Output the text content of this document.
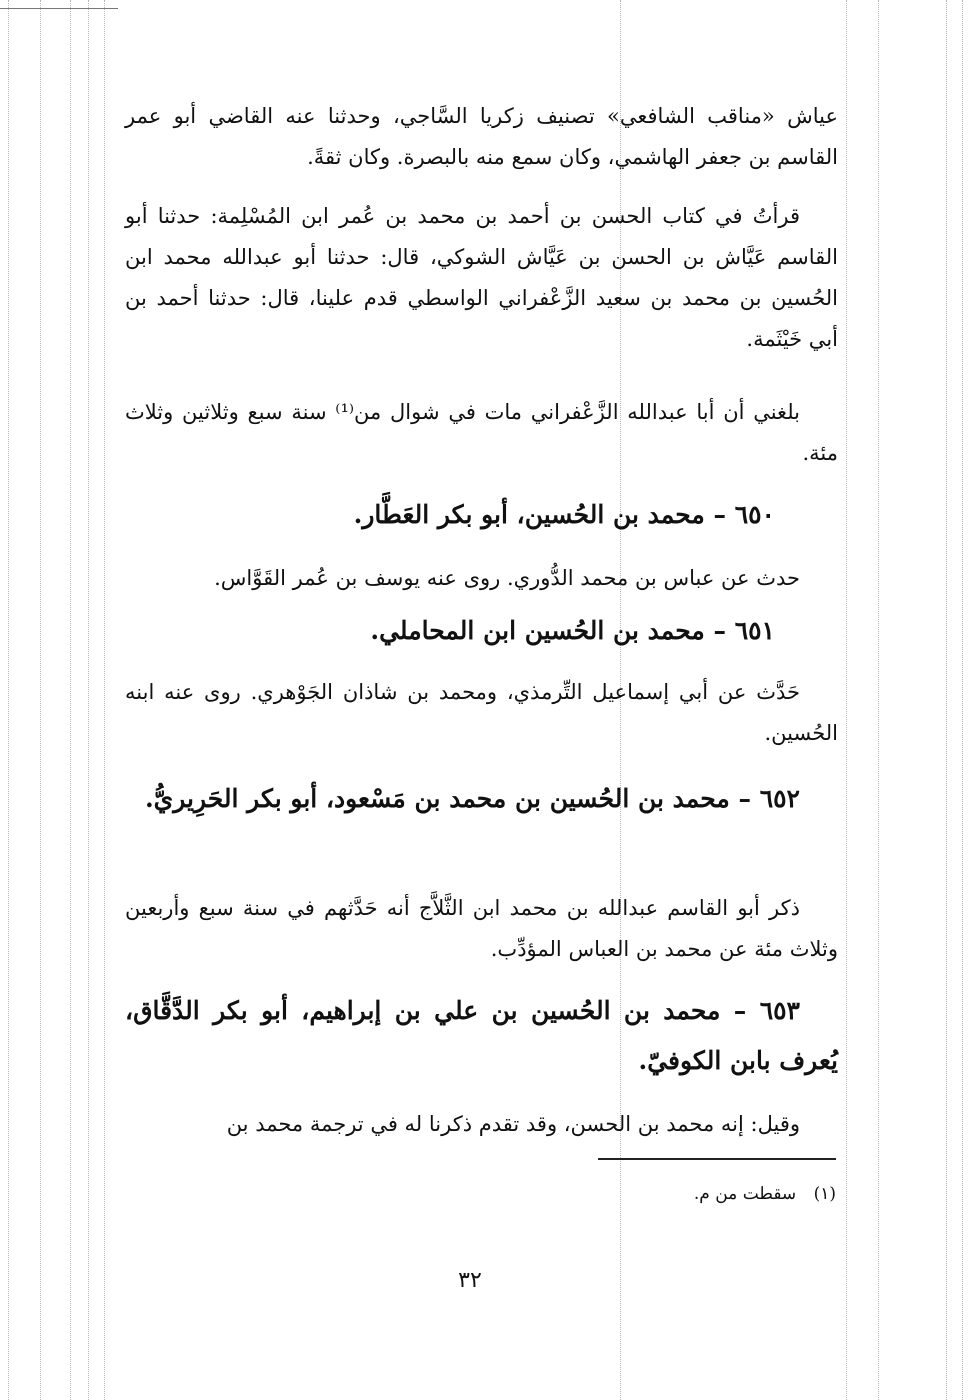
عياش «مناقب الشافعي» تصنيف زكريا السَّاجي، وحدثنا عنه القاضي أبو عمر القاسم بن جعفر الهاشمي، وكان سمع منه بالبصرة. وكان ثقةً.

قرأتُ في كتاب الحسن بن أحمد بن محمد بن عُمر ابن المُسْلِمة: حدثنا أبو القاسم عَيَّاش بن الحسن بن عَيَّاش الشوكي، قال: حدثنا أبو عبدالله محمد ابن الحُسين بن محمد بن سعيد الزَّعْفراني الواسطي قدم علينا، قال: حدثنا أحمد بن أبي خَيْثَمة.

بلغني أن أبا عبدالله الزَّعْفراني مات في شوال من⁽¹⁾ سنة سبع وثلاثين وثلاث مئة.

٦٥٠ – محمد بن الحُسين، أبو بكر العَطَّار.

حدث عن عباس بن محمد الدُّوري. روى عنه يوسف بن عُمر القَوَّاس.

٦٥١ – محمد بن الحُسين ابن المحاملي.

حَدَّث عن أبي إسماعيل التِّرمذي، ومحمد بن شاذان الجَوْهري. روى عنه ابنه الحُسين.

٦٥٢ – محمد بن الحُسين بن محمد بن مَسْعود، أبو بكر الحَرِيريُّ.

ذكر أبو القاسم عبدالله بن محمد ابن الثَّلاَّج أنه حَدَّثهم في سنة سبع وأربعين وثلاث مئة عن محمد بن العباس المؤدِّب.

٦٥٣ – محمد بن الحُسين بن علي بن إبراهيم، أبو بكر الدَّقَّاق، يُعرف بابن الكوفيّ.

وقيل: إنه محمد بن الحسن، وقد تقدم ذكرنا له في ترجمة محمد بن

(١) سقطت من م.
٣٢
